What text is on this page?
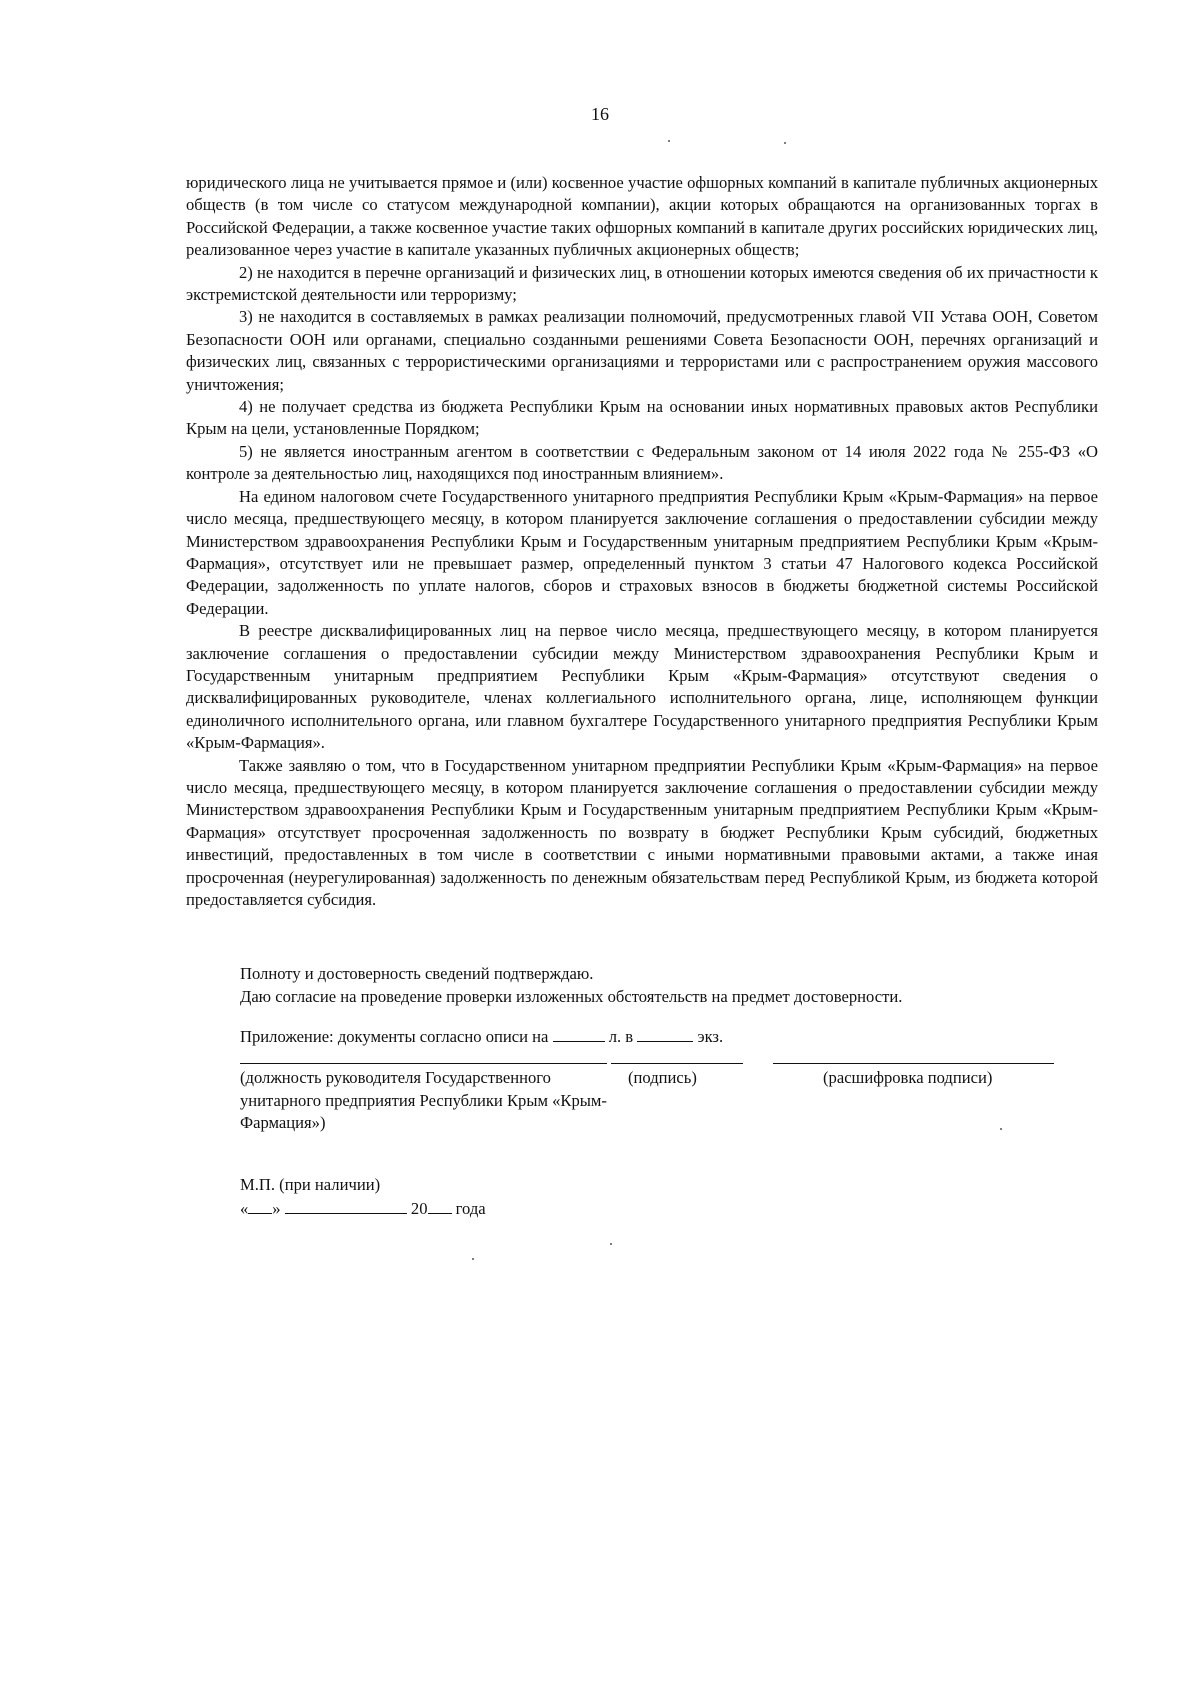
16

юридического лица не учитывается прямое и (или) косвенное участие офшорных компаний в капитале публичных акционерных обществ (в том числе со статусом международной компании), акции которых обращаются на организованных торгах в Российской Федерации, а также косвенное участие таких офшорных компаний в капитале других российских юридических лиц, реализованное через участие в капитале указанных публичных акционерных обществ;

2) не находится в перечне организаций и физических лиц, в отношении которых имеются сведения об их причастности к экстремистской деятельности или терроризму;

3) не находится в составляемых в рамках реализации полномочий, предусмотренных главой VII Устава ООН, Советом Безопасности ООН или органами, специально созданными решениями Совета Безопасности ООН, перечнях организаций и физических лиц, связанных с террористическими организациями и террористами или с распространением оружия массового уничтожения;

4) не получает средства из бюджета Республики Крым на основании иных нормативных правовых актов Республики Крым на цели, установленные Порядком;

5) не является иностранным агентом в соответствии с Федеральным законом от 14 июля 2022 года № 255-ФЗ «О контроле за деятельностью лиц, находящихся под иностранным влиянием».

На едином налоговом счете Государственного унитарного предприятия Республики Крым «Крым-Фармация» на первое число месяца, предшествующего месяцу, в котором планируется заключение соглашения о предоставлении субсидии между Министерством здравоохранения Республики Крым и Государственным унитарным предприятием Республики Крым «Крым-Фармация», отсутствует или не превышает размер, определенный пунктом 3 статьи 47 Налогового кодекса Российской Федерации, задолженность по уплате налогов, сборов и страховых взносов в бюджеты бюджетной системы Российской Федерации.

В реестре дисквалифицированных лиц на первое число месяца, предшествующего месяцу, в котором планируется заключение соглашения о предоставлении субсидии между Министерством здравоохранения Республики Крым и Государственным унитарным предприятием Республики Крым «Крым-Фармация» отсутствуют сведения о дисквалифицированных руководителе, членах коллегиального исполнительного органа, лице, исполняющем функции единоличного исполнительного органа, или главном бухгалтере Государственного унитарного предприятия Республики Крым «Крым-Фармация».

Также заявляю о том, что в Государственном унитарном предприятии Республики Крым «Крым-Фармация» на первое число месяца, предшествующего месяцу, в котором планируется заключение соглашения о предоставлении субсидии между Министерством здравоохранения Республики Крым и Государственным унитарным предприятием Республики Крым «Крым-Фармация» отсутствует просроченная задолженность по возврату в бюджет Республики Крым субсидий, бюджетных инвестиций, предоставленных в том числе в соответствии с иными нормативными правовыми актами, а также иная просроченная (неурегулированная) задолженность по денежным обязательствам перед Республикой Крым, из бюджета которой предоставляется субсидия.

Полноту и достоверность сведений подтверждаю.

Даю согласие на проведение проверки изложенных обстоятельств на предмет достоверности.

Приложение: документы согласно описи на	л. в	экз.
(должность руководителя Государственного унитарного предприятия Республики Крым «Крым-Фармация»)
(подпись)	(расшифровка подписи)
М.П. (при наличии)
« »	20 года
